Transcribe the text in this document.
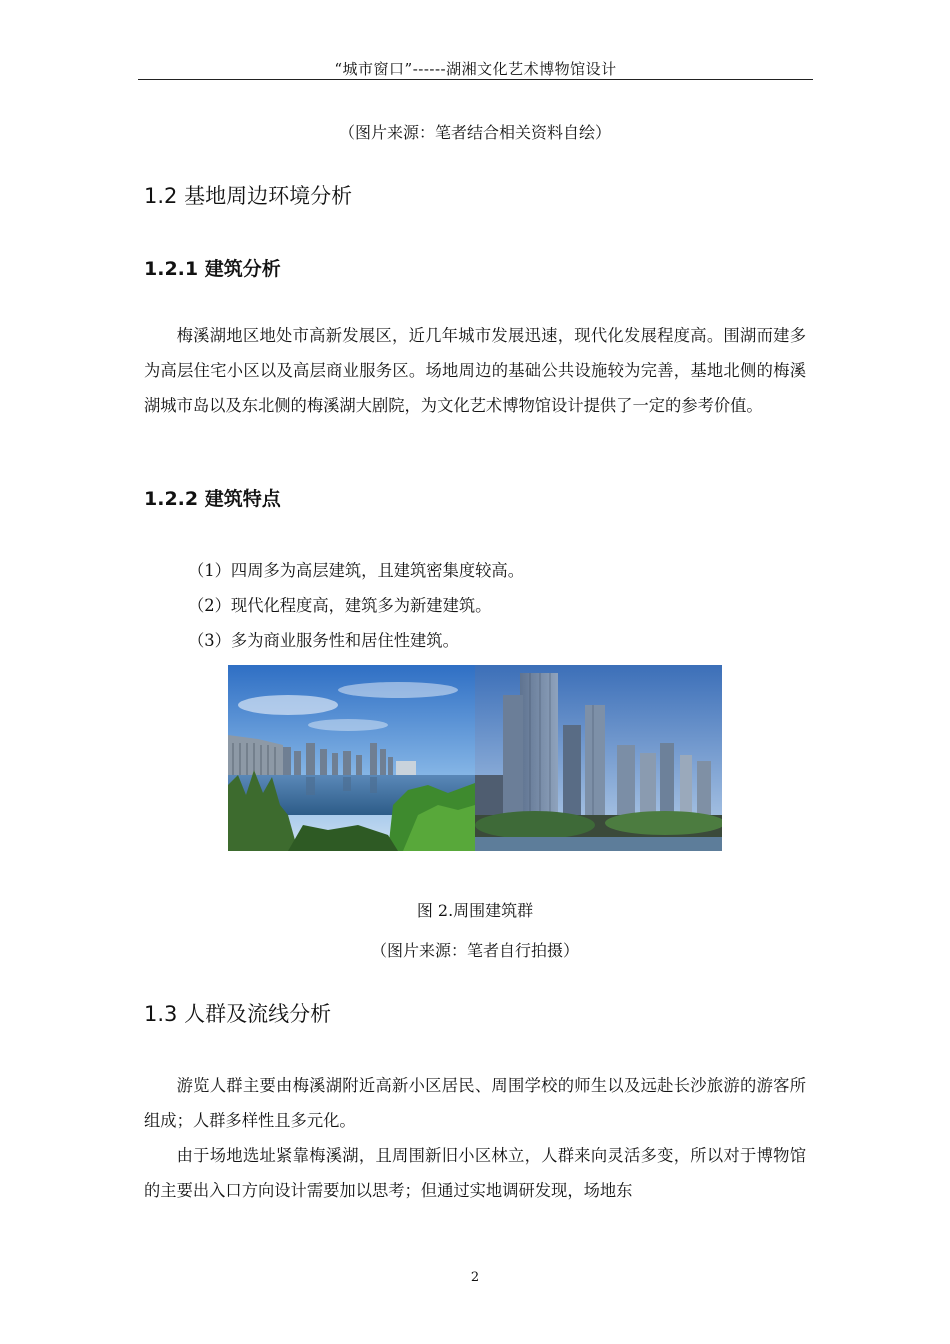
“城市窗口”------湖湘文化艺术博物馆设计
（图片来源：笔者结合相关资料自绘）
1.2 基地周边环境分析
1.2.1 建筑分析
梅溪湖地区地处市高新发展区，近几年城市发展迅速，现代化发展程度高。围湖而建多为高层住宅小区以及高层商业服务区。场地周边的基础公共设施较为完善，基地北侧的梅溪湖城市岛以及东北侧的梅溪湖大剧院，为文化艺术博物馆设计提供了一定的参考价值。
1.2.2 建筑特点
（1）四周多为高层建筑，且建筑密集度较高。
（2）现代化程度高，建筑多为新建建筑。
（3）多为商业服务性和居住性建筑。
图 2.周围建筑群
（图片来源：笔者自行拍摄）
1.3 人群及流线分析
游览人群主要由梅溪湖附近高新小区居民、周围学校的师生以及远赴长沙旅游的游客所组成；人群多样性且多元化。
由于场地选址紧靠梅溪湖，且周围新旧小区林立，人群来向灵活多变，所以对于博物馆的主要出入口方向设计需要加以思考；但通过实地调研发现，场地东
2
